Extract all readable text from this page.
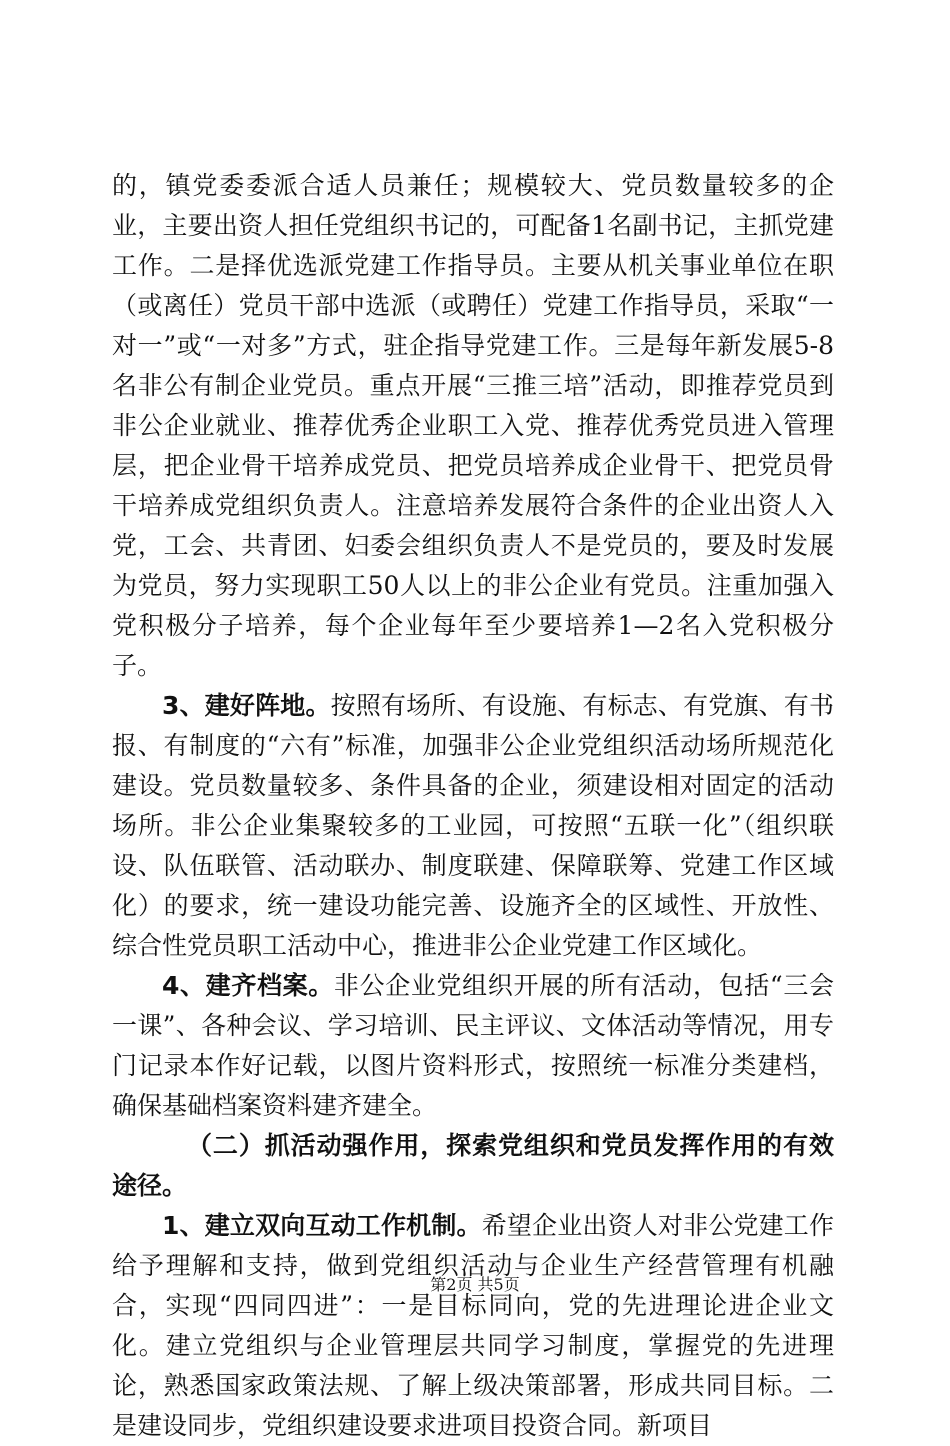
的，镇党委委派合适人员兼任；规模较大、党员数量较多的企业，主要出资人担任党组织书记的，可配备1名副书记，主抓党建工作。二是择优选派党建工作指导员。主要从机关事业单位在职（或离任）党员干部中选派（或聘任）党建工作指导员，采取“一对一”或“一对多”方式，驻企指导党建工作。三是每年新发展5-8名非公有制企业党员。重点开展“三推三培”活动，即推荐党员到非公企业就业、推荐优秀企业职工入党、推荐优秀党员进入管理层，把企业骨干培养成党员、把党员培养成企业骨干、把党员骨干培养成党组织负责人。注意培养发展符合条件的企业出资人入党，工会、共青团、妇委会组织负责人不是党员的，要及时发展为党员，努力实现职工50人以上的非公企业有党员。注重加强入党积极分子培养，每个企业每年至少要培养1—2名入党积极分子。

3、建好阵地。按照有场所、有设施、有标志、有党旗、有书报、有制度的“六有”标准，加强非公企业党组织活动场所规范化建设。党员数量较多、条件具备的企业，须建设相对固定的活动场所。非公企业集聚较多的工业园，可按照“五联一化”（组织联设、队伍联管、活动联办、制度联建、保障联筹、党建工作区域化）的要求，统一建设功能完善、设施齐全的区域性、开放性、综合性党员职工活动中心，推进非公企业党建工作区域化。

4、建齐档案。非公企业党组织开展的所有活动，包括“三会一课”、各种会议、学习培训、民主评议、文体活动等情况，用专门记录本作好记载，以图片资料形式，按照统一标准分类建档，确保基础档案资料建齐建全。

（二）抓活动强作用，探索党组织和党员发挥作用的有效途径。

1、建立双向互动工作机制。希望企业出资人对非公党建工作给予理解和支持，做到党组织活动与企业生产经营管理有机融合，实现“四同四进”：一是目标同向，党的先进理论进企业文化。建立党组织与企业管理层共同学习制度，掌握党的先进理论，熟悉国家政策法规、了解上级决策部署，形成共同目标。二是建设同步，党组织建设要求进项目投资合同。新项目

第2页 共5页
